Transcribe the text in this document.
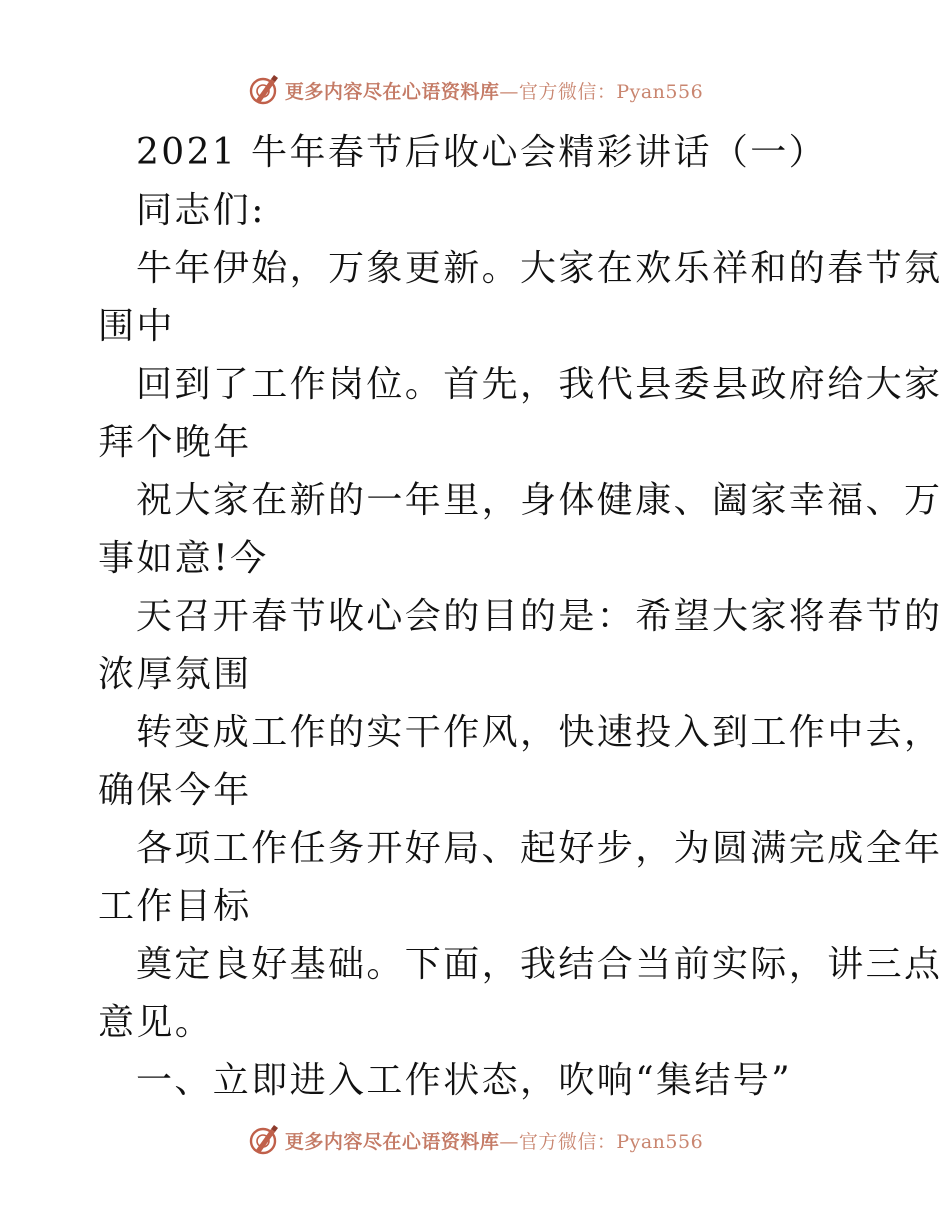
更多内容尽在心语资料库—官方微信：Pyan556
2021 牛年春节后收心会精彩讲话（一）
同志们:
牛年伊始，万象更新。大家在欢乐祥和的春节氛
围中
回到了工作岗位。首先，我代县委县政府给大家
拜个晚年
祝大家在新的一年里，身体健康、阖家幸福、万
事如意!今
天召开春节收心会的目的是：希望大家将春节的
浓厚氛围
转变成工作的实干作风，快速投入到工作中去，
确保今年
各项工作任务开好局、起好步，为圆满完成全年
工作目标
奠定良好基础。下面，我结合当前实际，讲三点
意见。
一、立即进入工作状态，吹响“集结号”
更多内容尽在心语资料库—官方微信：Pyan556
